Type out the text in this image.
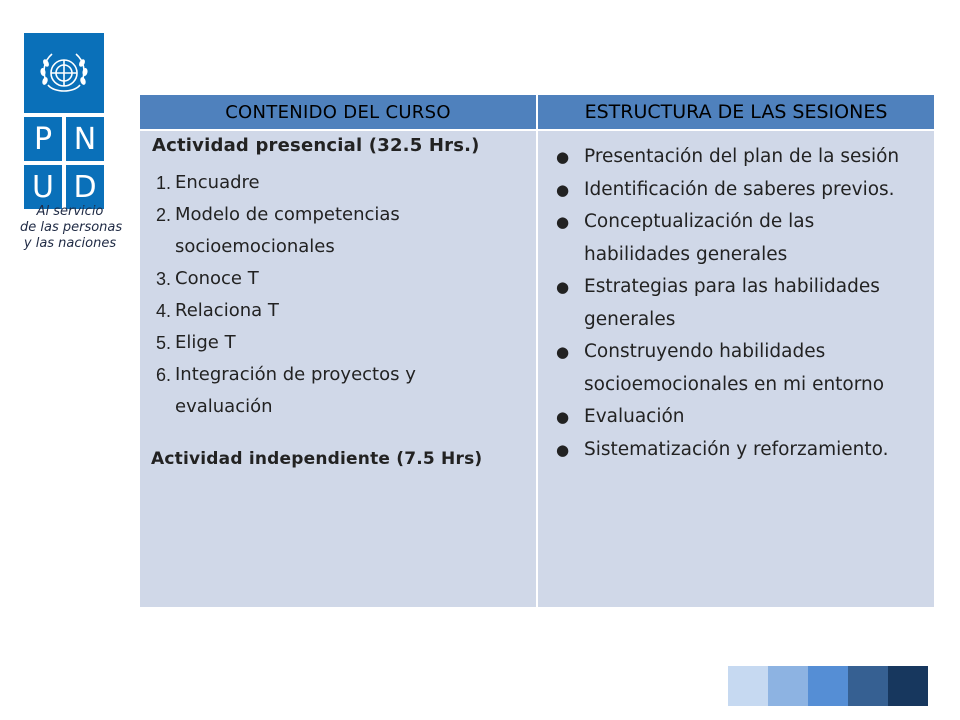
P N
U D
Al servicio
de las personas
y las naciones
CONTENIDO DEL CURSO	ESTRUCTURA DE LAS SESIONES
Actividad presencial (32.5 Hrs.)
1. Encuadre
2. Modelo de competencias
socioemocionales
3. Conoce T
4. Relaciona T
5. Elige T
6. Integración de proyectos y
evaluación
Actividad independiente (7.5 Hrs)
● Presentación del plan de la sesión
● Identificación de saberes previos.
● Conceptualización de las habilidades generales
● Estrategias para las habilidades generales
● Construyendo habilidades socioemocionales en mi entorno
● Evaluación
● Sistematización y reforzamiento.
